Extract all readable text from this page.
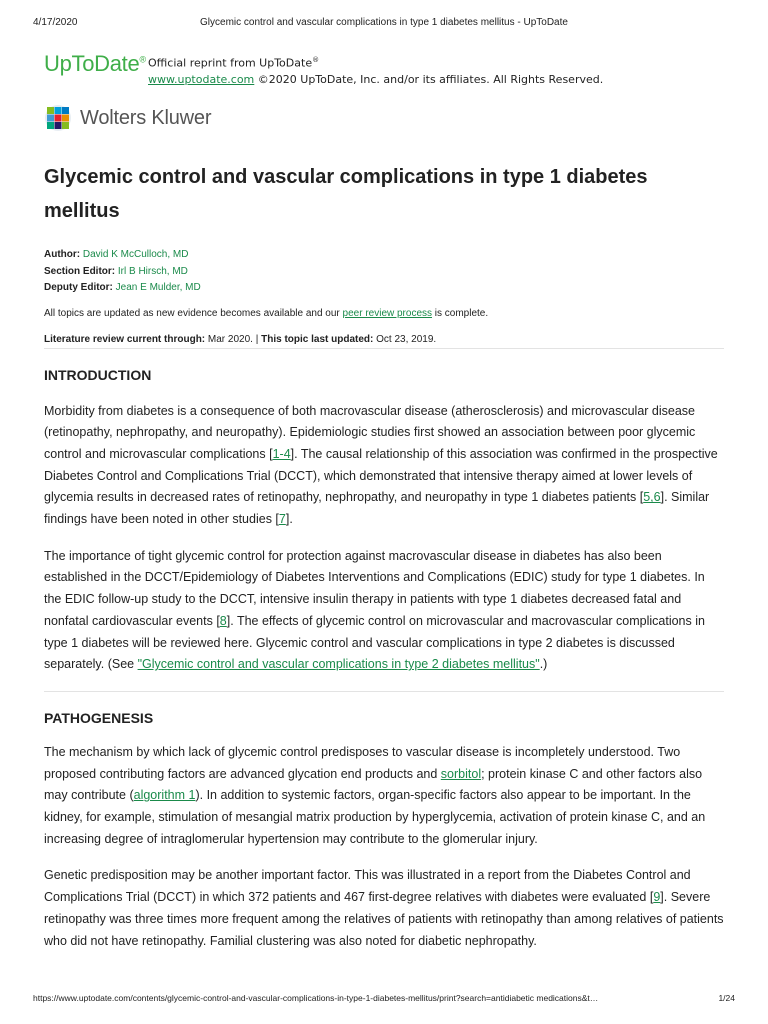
4/17/2020	Glycemic control and vascular complications in type 1 diabetes mellitus - UpToDate
UpToDate® Official reprint from UpToDate®
www.uptodate.com ©2020 UpToDate, Inc. and/or its affiliates. All Rights Reserved.
Wolters Kluwer
Glycemic control and vascular complications in type 1 diabetes mellitus
Author: David K McCulloch, MD
Section Editor: Irl B Hirsch, MD
Deputy Editor: Jean E Mulder, MD

All topics are updated as new evidence becomes available and our peer review process is complete.

Literature review current through: Mar 2020. | This topic last updated: Oct 23, 2019.

INTRODUCTION

Morbidity from diabetes is a consequence of both macrovascular disease (atherosclerosis) and microvascular disease (retinopathy, nephropathy, and neuropathy). Epidemiologic studies first showed an association between poor glycemic control and microvascular complications [1-4]. The causal relationship of this association was confirmed in the prospective Diabetes Control and Complications Trial (DCCT), which demonstrated that intensive therapy aimed at lower levels of glycemia results in decreased rates of retinopathy, nephropathy, and neuropathy in type 1 diabetes patients [5,6]. Similar findings have been noted in other studies [7].

The importance of tight glycemic control for protection against macrovascular disease in diabetes has also been established in the DCCT/Epidemiology of Diabetes Interventions and Complications (EDIC) study for type 1 diabetes. In the EDIC follow-up study to the DCCT, intensive insulin therapy in patients with type 1 diabetes decreased fatal and nonfatal cardiovascular events [8]. The effects of glycemic control on microvascular and macrovascular complications in type 1 diabetes will be reviewed here. Glycemic control and vascular complications in type 2 diabetes is discussed separately. (See "Glycemic control and vascular complications in type 2 diabetes mellitus".)

PATHOGENESIS

The mechanism by which lack of glycemic control predisposes to vascular disease is incompletely understood. Two proposed contributing factors are advanced glycation end products and sorbitol; protein kinase C and other factors also may contribute (algorithm 1). In addition to systemic factors, organ-specific factors also appear to be important. In the kidney, for example, stimulation of mesangial matrix production by hyperglycemia, activation of protein kinase C, and an increasing degree of intraglomerular hypertension may contribute to the glomerular injury.

Genetic predisposition may be another important factor. This was illustrated in a report from the Diabetes Control and Complications Trial (DCCT) in which 372 patients and 467 first-degree relatives with diabetes were evaluated [9]. Severe retinopathy was three times more frequent among the relatives of patients with retinopathy than among relatives of patients who did not have retinopathy. Familial clustering was also noted for diabetic nephropathy.

https://www.uptodate.com/contents/glycemic-control-and-vascular-complications-in-type-1-diabetes-mellitus/print?search=antidiabetic medications&t…	1/24
